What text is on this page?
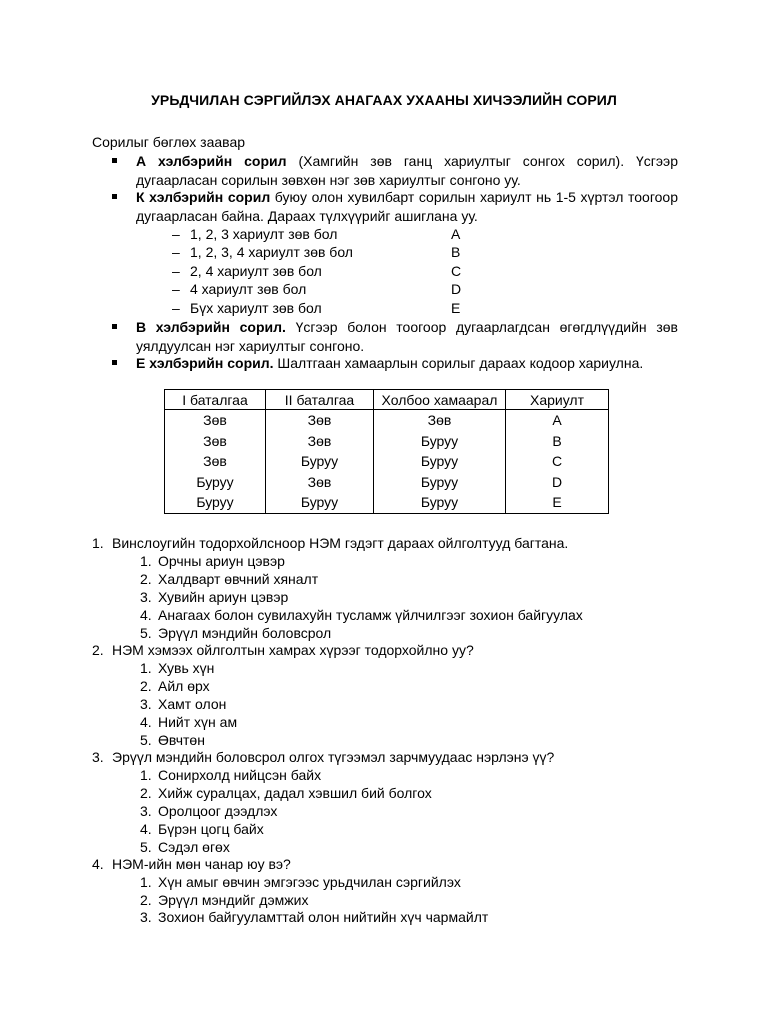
УРЬДЧИЛАН СЭРГИЙЛЭХ АНАГААХ УХААНЫ ХИЧЭЭЛИЙН СОРИЛ
Сорилыг бөглөх заавар
А хэлбэрийн сорил (Хамгийн зөв ганц хариултыг сонгох сорил). Үсгээр дугаарласан сорилын зөвхөн нэг зөв хариултыг сонгоно уу.
К хэлбэрийн сорил буюу олон хувилбарт сорилын хариулт нь 1-5 хүртэл тоогоор дугаарласан байна. Дараах түлхүүрийг ашиглана уу.
– 1, 2, 3 хариулт зөв бол	A
– 1, 2, 3, 4 хариулт зөв бол	B
– 2, 4 хариулт зөв бол	C
– 4 хариулт зөв бол	D
– Бүх хариулт зөв бол	E
В хэлбэрийн сорил. Үсгээр болон тоогоор дугаарлагдсан өгөгдлүүдийн зөв уялдуулсан нэг хариултыг сонгоно.
Е хэлбэрийн сорил. Шалтгаан хамаарлын сорилыг дараах кодоор хариулна.
I баталгаа	II баталгаа	Холбоо хамаарал	Хариулт
Зөв	Зөв	Зөв	A
Зөв	Зөв	Буруу	B
Зөв	Буруу	Буруу	C
Буруу	Зөв	Буруу	D
Буруу	Буруу	Буруу	E
1. Винслоугийн тодорхойлсноор НЭМ гэдэгт дараах ойлголтууд багтана.
1. Орчны ариун цэвэр
2. Халдварт өвчний хяналт
3. Хувийн ариун цэвэр
4. Анагаах болон сувилахуйн тусламж үйлчилгээг зохион байгуулах
5. Эрүүл мэндийн боловсрол
2. НЭМ хэмээх ойлголтын хамрах хүрээг тодорхойлно уу?
1. Хувь хүн
2. Айл өрх
3. Хамт олон
4. Нийт хүн ам
5. Өвчтөн
3. Эрүүл мэндийн боловсрол олгох түгээмэл зарчмуудаас нэрлэнэ үү?
1. Сонирхолд нийцсэн байх
2. Хийж суралцах, дадал хэвшил бий болгох
3. Оролцоог дээдлэх
4. Бүрэн цогц байх
5. Сэдэл өгөх
4. НЭМ-ийн мөн чанар юу вэ?
1. Хүн амыг өвчин эмгэгээс урьдчилан сэргийлэх
2. Эрүүл мэндийг дэмжих
3. Зохион байгууламттай олон нийтийн хүч чармайлт
